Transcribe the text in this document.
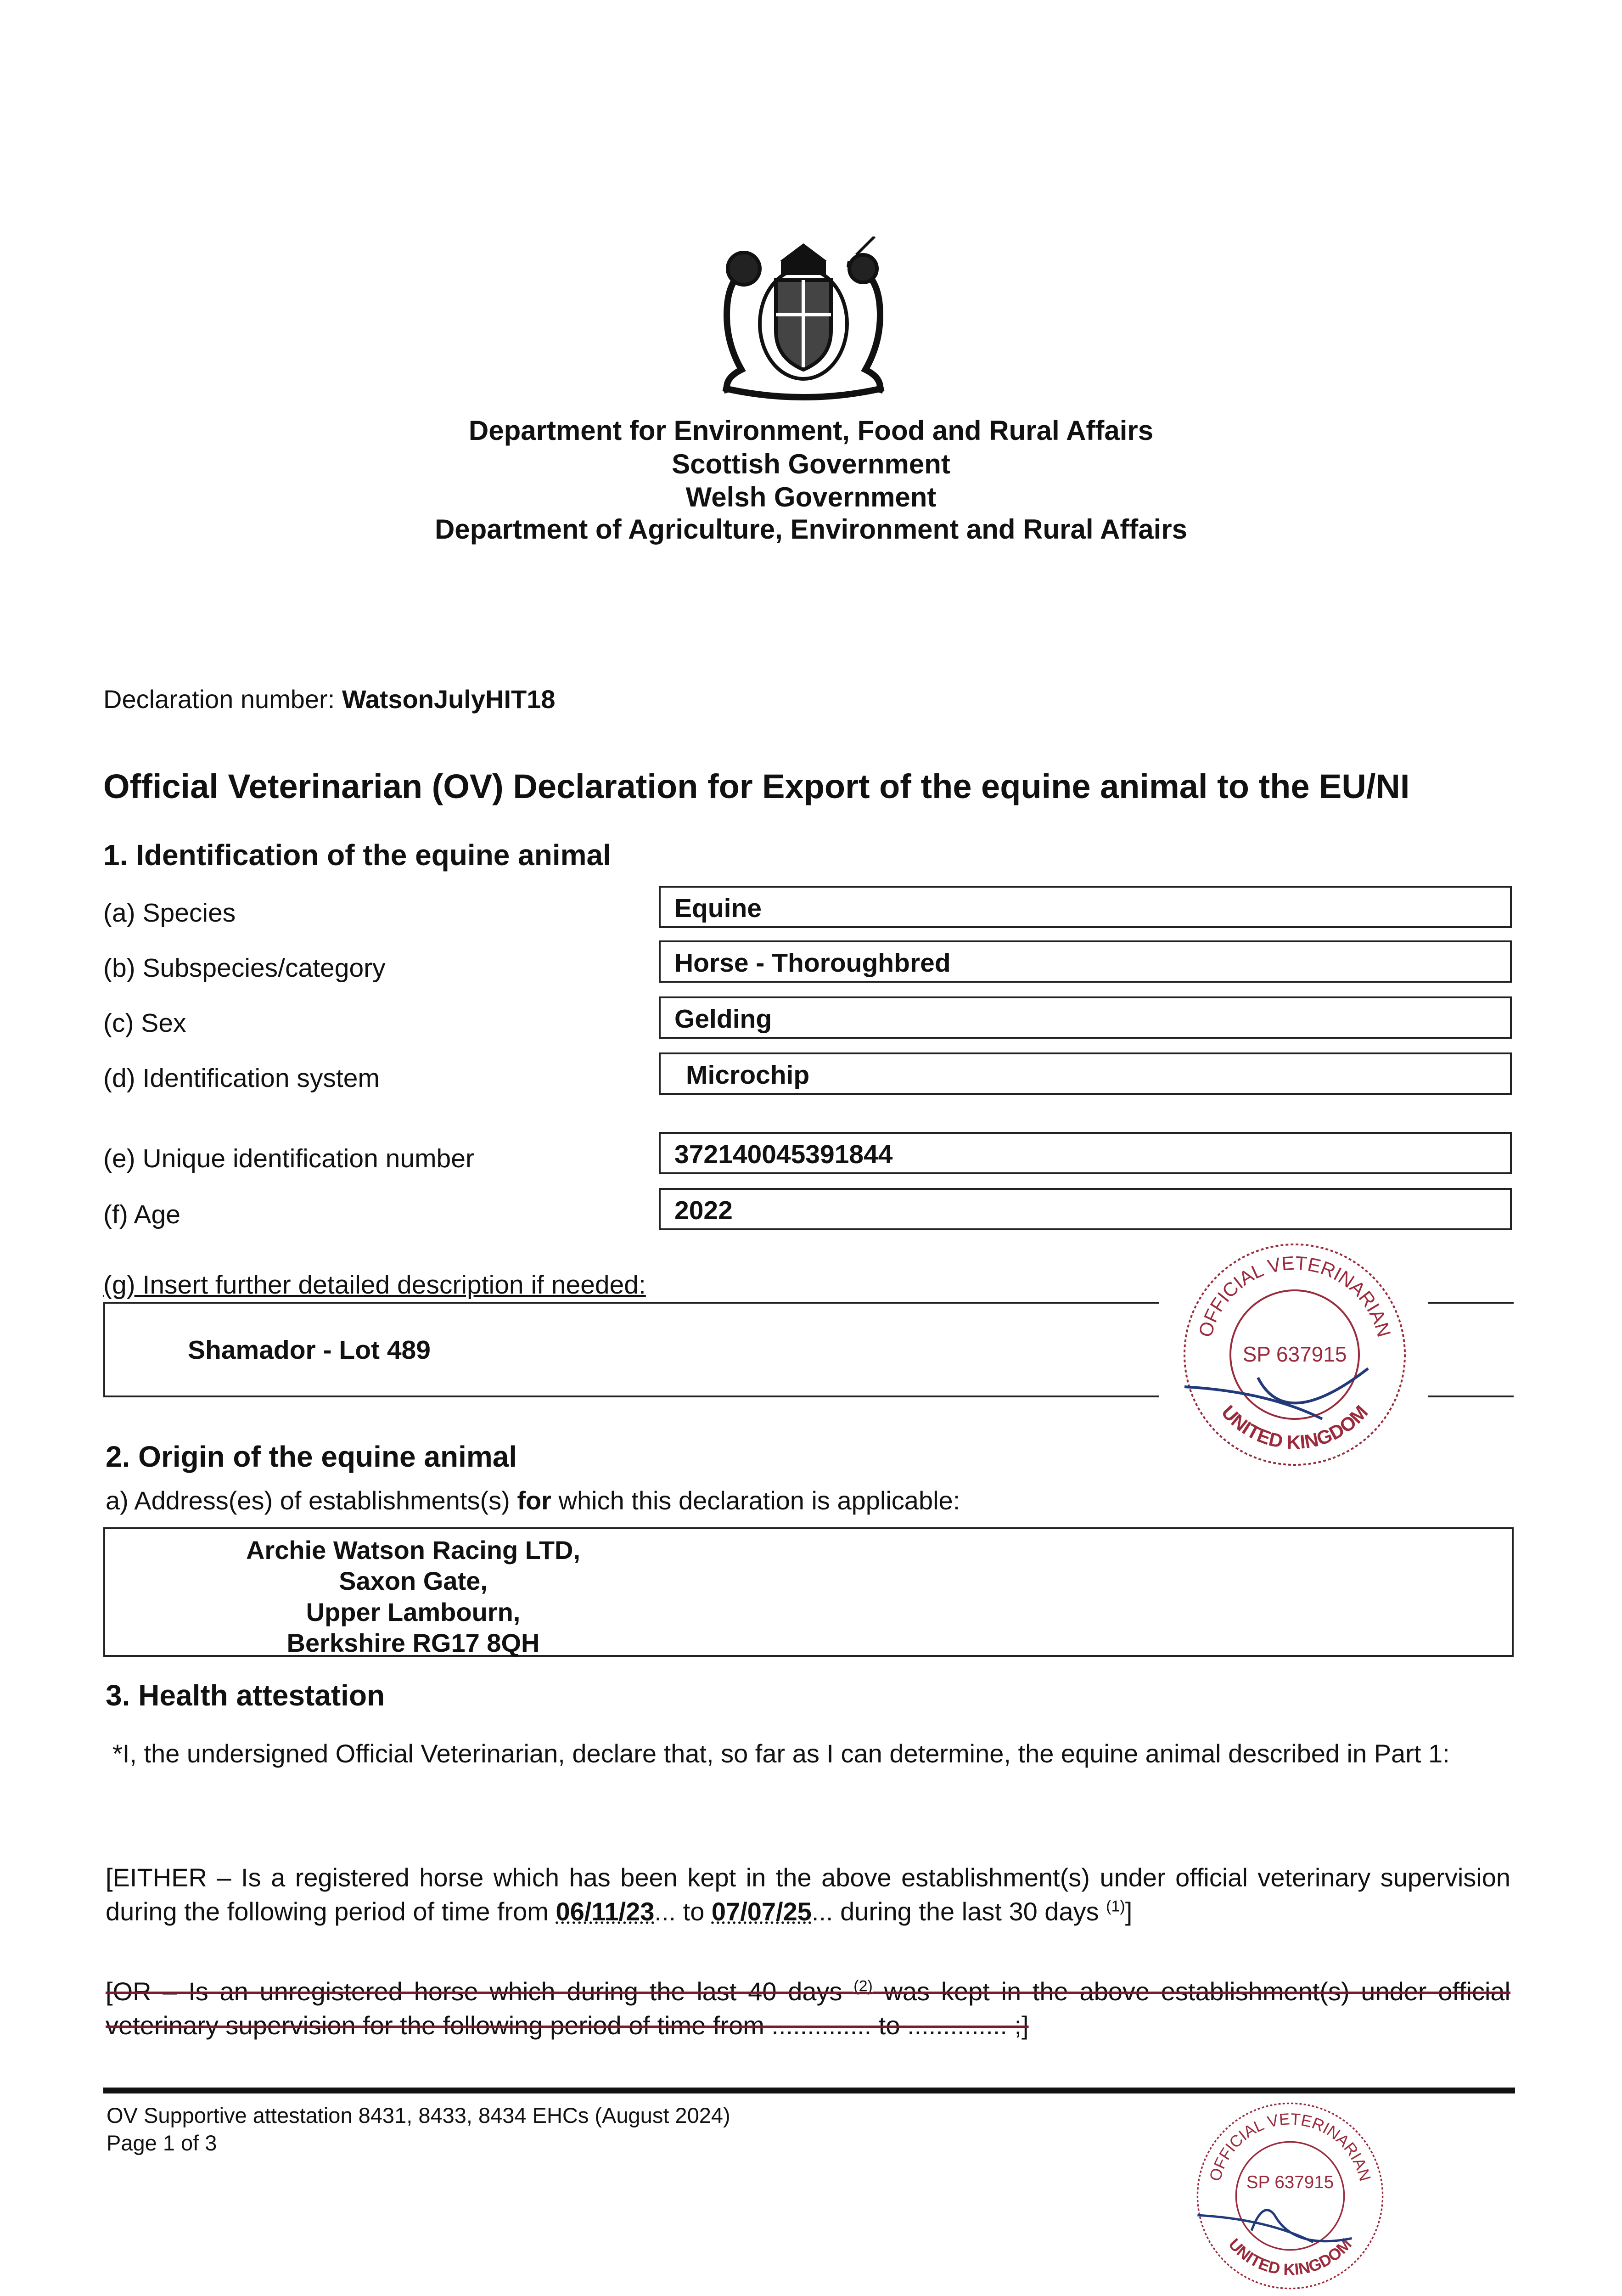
Department for Environment, Food and Rural Affairs
Scottish Government
Welsh Government
Department of Agriculture, Environment and Rural Affairs
Declaration number: WatsonJulyHIT18
Official Veterinarian (OV) Declaration for Export of the equine animal to the EU/NI
1. Identification of the equine animal
(a) Species	Equine
(b) Subspecies/category	Horse - Thoroughbred
(c) Sex	Gelding
(d) Identification system	Microchip
(e) Unique identification number	372140045391844
(f) Age	2022
(g) Insert further detailed description if needed:
Shamador - Lot 489
2. Origin of the equine animal
a) Address(es) of establishments(s) for which this declaration is applicable:
Archie Watson Racing LTD,
Saxon Gate,
Upper Lambourn,
Berkshire RG17 8QH
3. Health attestation
*I, the undersigned Official Veterinarian, declare that, so far as I can determine, the equine animal described in Part 1:
[EITHER – Is a registered horse which has been kept in the above establishment(s) under official veterinary supervision during the following period of time from 06/11/23... to 07/07/25... during the last 30 days $^{(1)}$]
[OR – Is an unregistered horse which during the last 40 days $^{(2)}$ was kept in the above establishment(s) under official veterinary supervision for the following period of time from .............. to .............. ;]
OV Supportive attestation 8431, 8433, 8434 EHCs (August 2024)
Page 1 of 3
OFFICIAL VETERINARIAN
UNITED KINGDOM
SP 637915
OFFICIAL VETERINARIAN
UNITED KINGDOM
SP 637915
